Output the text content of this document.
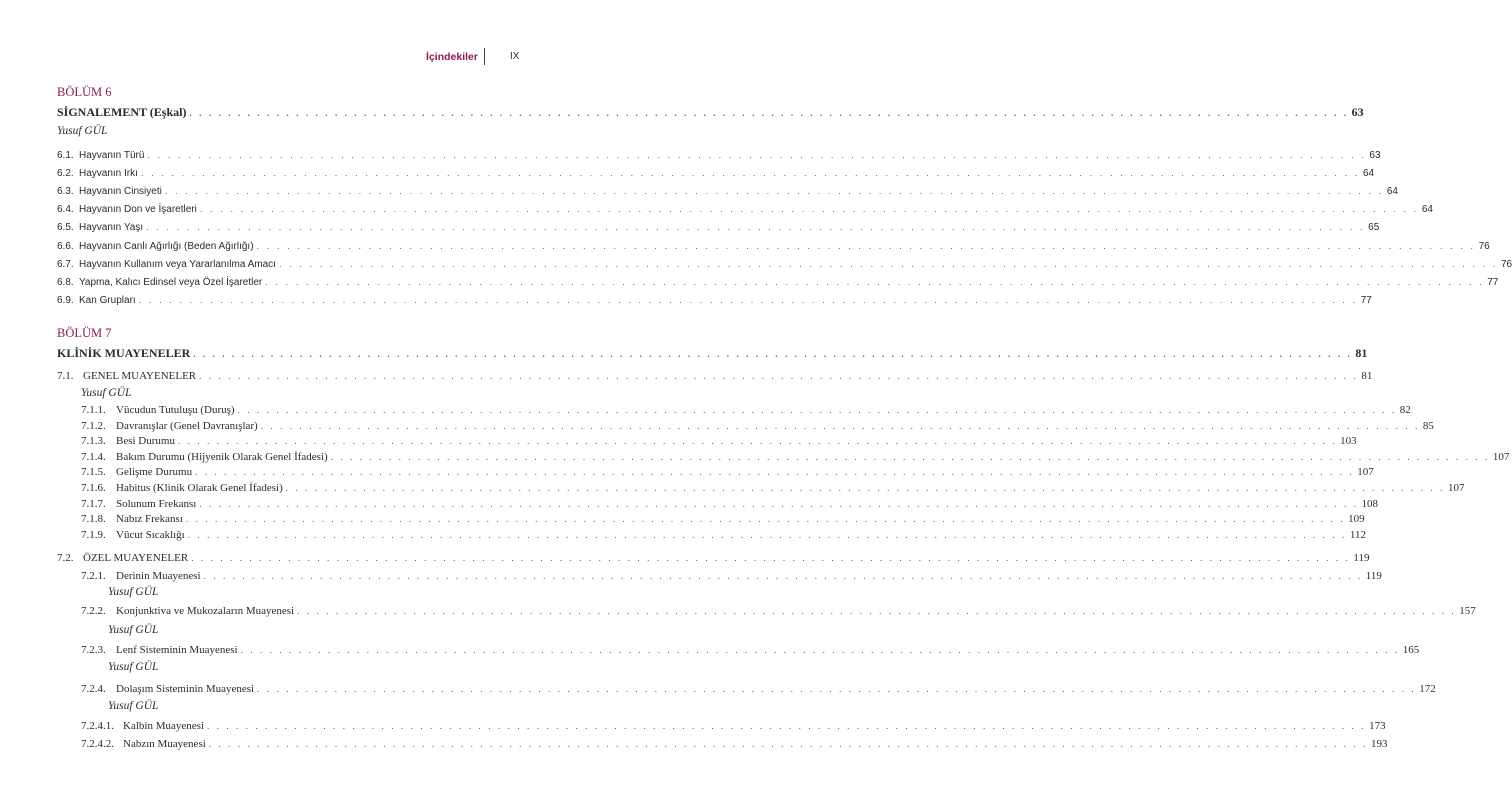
İçindekiler	IX
BÖLÜM 6
SİGNALEMENT (Eşkal) . . . . . . . . . . . . . . . . . . . . . . . . . . . . . . . . . . . . . . . . . . . . . . . . . . . . . . . . . . . . . . . . . . . . . . . . . . . . . . . . . . . . . . . . . . . . . . . . . . . . . . . . . . . . . . . . . . . . . . . . 63
Yusuf GÜL
6.1. Hayvanın Türü . . . . . . . . . . . . . . . . . . . . . . . . . . . . . . . . . . . . . . . . . . . . . . . . . . . . . . . . . . . . . . . . . . . . . . . . . . . . . . . . . . . . . . . . . . . . . . . . . . . . . . . . . . . . . . . . . . . . . . . . 63
6.2. Hayvanın Irkı . . . . . . . . . . . . . . . . . . . . . . . . . . . . . . . . . . . . . . . . . . . . . . . . . . . . . . . . . . . . . . . . . . . . . . . . . . . . . . . . . . . . . . . . . . . . . . . . . . . . . . . . . . . . . . . . . . . . . . . . 64
6.3. Hayvanın Cinsiyeti . . . . . . . . . . . . . . . . . . . . . . . . . . . . . . . . . . . . . . . . . . . . . . . . . . . . . . . . . . . . . . . . . . . . . . . . . . . . . . . . . . . . . . . . . . . . . . . . . . . . . . . . . . . . . . . . . . . . . . . . 64
6.4. Hayvanın Don ve İşaretleri . . . . . . . . . . . . . . . . . . . . . . . . . . . . . . . . . . . . . . . . . . . . . . . . . . . . . . . . . . . . . . . . . . . . . . . . . . . . . . . . . . . . . . . . . . . . . . . . . . . . . . . . . . . . . . . . . . . . . . . . 64
6.5. Hayvanın Yaşı . . . . . . . . . . . . . . . . . . . . . . . . . . . . . . . . . . . . . . . . . . . . . . . . . . . . . . . . . . . . . . . . . . . . . . . . . . . . . . . . . . . . . . . . . . . . . . . . . . . . . . . . . . . . . . . . . . . . . . . . 65
6.6. Hayvanın Canlı Ağırlığı (Beden Ağırlığı) . . . . . . . . . . . . . . . . . . . . . . . . . . . . . . . . . . . . . . . . . . . . . . . . . . . . . . . . . . . . . . . . . . . . . . . . . . . . . . . . . . . . . . . . . . . . . . . . . . . . . . . . . . . . . . . . . . . . . . . . 76
6.7. Hayvanın Kullanım veya Yararlanılma Amacı . . . . . . . . . . . . . . . . . . . . . . . . . . . . . . . . . . . . . . . . . . . . . . . . . . . . . . . . . . . . . . . . . . . . . . . . . . . . . . . . . . . . . . . . . . . . . . . . . . . . . . . . . . . . . . . . . . . . . . . . 76
6.8. Yapma, Kalıcı Edinsel veya Özel İşaretler . . . . . . . . . . . . . . . . . . . . . . . . . . . . . . . . . . . . . . . . . . . . . . . . . . . . . . . . . . . . . . . . . . . . . . . . . . . . . . . . . . . . . . . . . . . . . . . . . . . . . . . . . . . . . . . . . . . . . . . . 77
6.9. Kan Grupları . . . . . . . . . . . . . . . . . . . . . . . . . . . . . . . . . . . . . . . . . . . . . . . . . . . . . . . . . . . . . . . . . . . . . . . . . . . . . . . . . . . . . . . . . . . . . . . . . . . . . . . . . . . . . . . . . . . . . . . . 77
BÖLÜM 7
KLİNİK MUAYENELER . . . . . . . . . . . . . . . . . . . . . . . . . . . . . . . . . . . . . . . . . . . . . . . . . . . . . . . . . . . . . . . . . . . . . . . . . . . . . . . . . . . . . . . . . . . . . . . . . . . . . . . . . . . . . . . . . . . . . . . . 81
7.1. GENEL MUAYENELER . . . . . . . . . . . . . . . . . . . . . . . . . . . . . . . . . . . . . . . . . . . . . . . . . . . . . . . . . . . . . . . . . . . . . . . . . . . . . . . . . . . . . . . . . . . . . . . . . . . . . . . . . . . . . . . . . . . . . . . . 81
Yusuf GÜL
7.1.1. Vücudun Tutuluşu (Duruş) . . . . . . . . . . . . . . . . . . . . . . . . . . . . . . . . . . . . . . . . . . . . . . . . . . . . . . . . . . . . . . . . . . . . . . . . . . . . . . . . . . . . . . . . . . . . . . . . . . . . . . . . . . . . . . . . . . . . . . . . 82
7.1.2. Davranışlar (Genel Davranışlar) . . . . . . . . . . . . . . . . . . . . . . . . . . . . . . . . . . . . . . . . . . . . . . . . . . . . . . . . . . . . . . . . . . . . . . . . . . . . . . . . . . . . . . . . . . . . . . . . . . . . . . . . . . . . . . . . . . . . . . . . 85
7.1.3. Besi Durumu . . . . . . . . . . . . . . . . . . . . . . . . . . . . . . . . . . . . . . . . . . . . . . . . . . . . . . . . . . . . . . . . . . . . . . . . . . . . . . . . . . . . . . . . . . . . . . . . . . . . . . . . . . . . . . . . . . . . . . . . 103
7.1.4. Bakım Durumu (Hijyenik Olarak Genel İfadesi) . . . . . . . . . . . . . . . . . . . . . . . . . . . . . . . . . . . . . . . . . . . . . . . . . . . . . . . . . . . . . . . . . . . . . . . . . . . . . . . . . . . . . . . . . . . . . . . . . . . . . . . . . . . . . . . . . . . . . . . . 107
7.1.5. Gelişme Durumu . . . . . . . . . . . . . . . . . . . . . . . . . . . . . . . . . . . . . . . . . . . . . . . . . . . . . . . . . . . . . . . . . . . . . . . . . . . . . . . . . . . . . . . . . . . . . . . . . . . . . . . . . . . . . . . . . . . . . . . . 107
7.1.6. Habitus (Klinik Olarak Genel İfadesi) . . . . . . . . . . . . . . . . . . . . . . . . . . . . . . . . . . . . . . . . . . . . . . . . . . . . . . . . . . . . . . . . . . . . . . . . . . . . . . . . . . . . . . . . . . . . . . . . . . . . . . . . . . . . . . . . . . . . . . . . 107
7.1.7. Solunum Frekansı . . . . . . . . . . . . . . . . . . . . . . . . . . . . . . . . . . . . . . . . . . . . . . . . . . . . . . . . . . . . . . . . . . . . . . . . . . . . . . . . . . . . . . . . . . . . . . . . . . . . . . . . . . . . . . . . . . . . . . . . 108
7.1.8. Nabız Frekansı . . . . . . . . . . . . . . . . . . . . . . . . . . . . . . . . . . . . . . . . . . . . . . . . . . . . . . . . . . . . . . . . . . . . . . . . . . . . . . . . . . . . . . . . . . . . . . . . . . . . . . . . . . . . . . . . . . . . . . . . 109
7.1.9. Vücut Sıcaklığı . . . . . . . . . . . . . . . . . . . . . . . . . . . . . . . . . . . . . . . . . . . . . . . . . . . . . . . . . . . . . . . . . . . . . . . . . . . . . . . . . . . . . . . . . . . . . . . . . . . . . . . . . . . . . . . . . . . . . . . . 112
7.2. ÖZEL MUAYENELER . . . . . . . . . . . . . . . . . . . . . . . . . . . . . . . . . . . . . . . . . . . . . . . . . . . . . . . . . . . . . . . . . . . . . . . . . . . . . . . . . . . . . . . . . . . . . . . . . . . . . . . . . . . . . . . . . . . . . . . . 119
7.2.1. Derinin Muayenesi . . . . . . . . . . . . . . . . . . . . . . . . . . . . . . . . . . . . . . . . . . . . . . . . . . . . . . . . . . . . . . . . . . . . . . . . . . . . . . . . . . . . . . . . . . . . . . . . . . . . . . . . . . . . . . . . . . . . . . . . 119
Yusuf GÜL
7.2.2. Konjunktiva ve Mukozaların Muayenesi . . . . . . . . . . . . . . . . . . . . . . . . . . . . . . . . . . . . . . . . . . . . . . . . . . . . . . . . . . . . . . . . . . . . . . . . . . . . . . . . . . . . . . . . . . . . . . . . . . . . . . . . . . . . . . . . . . . . . . . . 157
Yusuf GÜL
7.2.3. Lenf Sisteminin Muayenesi . . . . . . . . . . . . . . . . . . . . . . . . . . . . . . . . . . . . . . . . . . . . . . . . . . . . . . . . . . . . . . . . . . . . . . . . . . . . . . . . . . . . . . . . . . . . . . . . . . . . . . . . . . . . . . . . . . . . . . . . 165
Yusuf GÜL
7.2.4. Dolaşım Sisteminin Muayenesi . . . . . . . . . . . . . . . . . . . . . . . . . . . . . . . . . . . . . . . . . . . . . . . . . . . . . . . . . . . . . . . . . . . . . . . . . . . . . . . . . . . . . . . . . . . . . . . . . . . . . . . . . . . . . . . . . . . . . . . . 172
Yusuf GÜL
7.2.4.1. Kalbin Muayenesi . . . . . . . . . . . . . . . . . . . . . . . . . . . . . . . . . . . . . . . . . . . . . . . . . . . . . . . . . . . . . . . . . . . . . . . . . . . . . . . . . . . . . . . . . . . . . . . . . . . . . . . . . . . . . . . . . . . . . . . . 173
7.2.4.2. Nabzın Muayenesi . . . . . . . . . . . . . . . . . . . . . . . . . . . . . . . . . . . . . . . . . . . . . . . . . . . . . . . . . . . . . . . . . . . . . . . . . . . . . . . . . . . . . . . . . . . . . . . . . . . . . . . . . . . . . . . . . . . . . . . . 193
